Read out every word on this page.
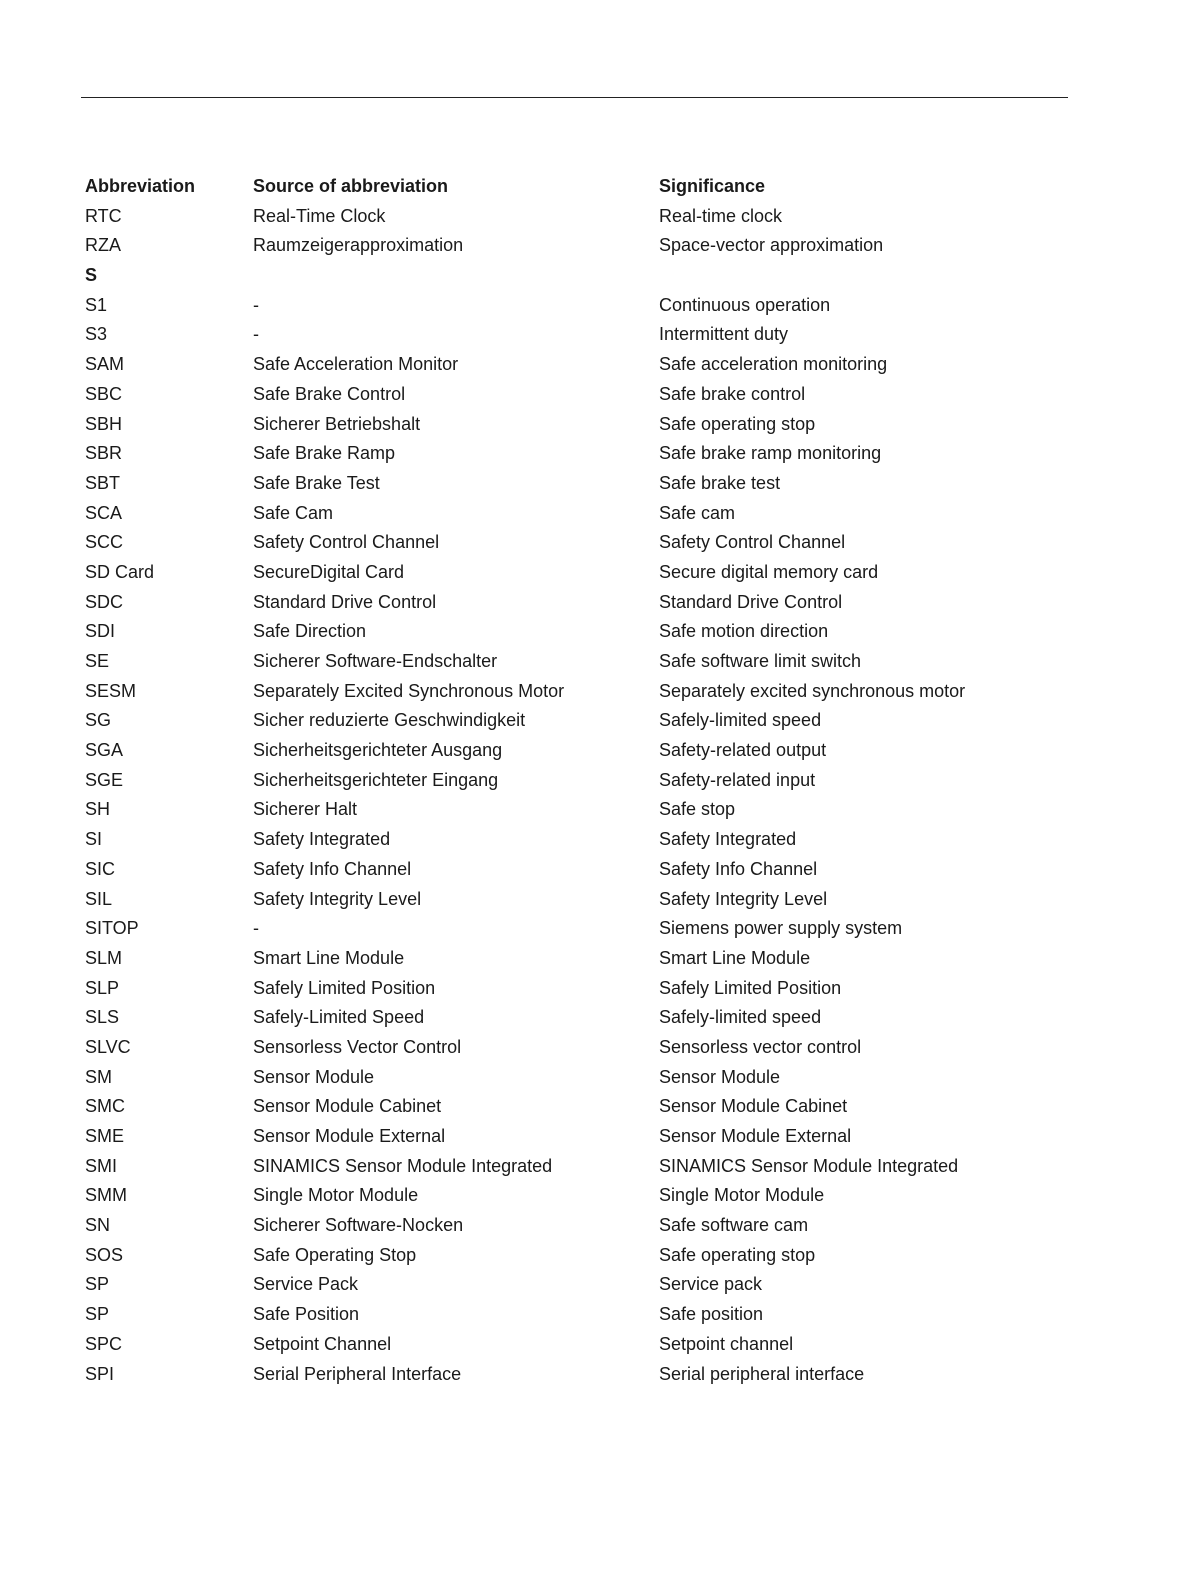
Abbreviation	Source of abbreviation	Significance
RTC	Real-Time Clock	Real-time clock
RZA	Raumzeigerapproximation	Space-vector approximation
S
S1	-	Continuous operation
S3	-	Intermittent duty
SAM	Safe Acceleration Monitor	Safe acceleration monitoring
SBC	Safe Brake Control	Safe brake control
SBH	Sicherer Betriebshalt	Safe operating stop
SBR	Safe Brake Ramp	Safe brake ramp monitoring
SBT	Safe Brake Test	Safe brake test
SCA	Safe Cam	Safe cam
SCC	Safety Control Channel	Safety Control Channel
SD Card	SecureDigital Card	Secure digital memory card
SDC	Standard Drive Control	Standard Drive Control
SDI	Safe Direction	Safe motion direction
SE	Sicherer Software-Endschalter	Safe software limit switch
SESM	Separately Excited Synchronous Motor	Separately excited synchronous motor
SG	Sicher reduzierte Geschwindigkeit	Safely-limited speed
SGA	Sicherheitsgerichteter Ausgang	Safety-related output
SGE	Sicherheitsgerichteter Eingang	Safety-related input
SH	Sicherer Halt	Safe stop
SI	Safety Integrated	Safety Integrated
SIC	Safety Info Channel	Safety Info Channel
SIL	Safety Integrity Level	Safety Integrity Level
SITOP	-	Siemens power supply system
SLM	Smart Line Module	Smart Line Module
SLP	Safely Limited Position	Safely Limited Position
SLS	Safely-Limited Speed	Safely-limited speed
SLVC	Sensorless Vector Control	Sensorless vector control
SM	Sensor Module	Sensor Module
SMC	Sensor Module Cabinet	Sensor Module Cabinet
SME	Sensor Module External	Sensor Module External
SMI	SINAMICS Sensor Module Integrated	SINAMICS Sensor Module Integrated
SMM	Single Motor Module	Single Motor Module
SN	Sicherer Software-Nocken	Safe software cam
SOS	Safe Operating Stop	Safe operating stop
SP	Service Pack	Service pack
SP	Safe Position	Safe position
SPC	Setpoint Channel	Setpoint channel
SPI	Serial Peripheral Interface	Serial peripheral interface
